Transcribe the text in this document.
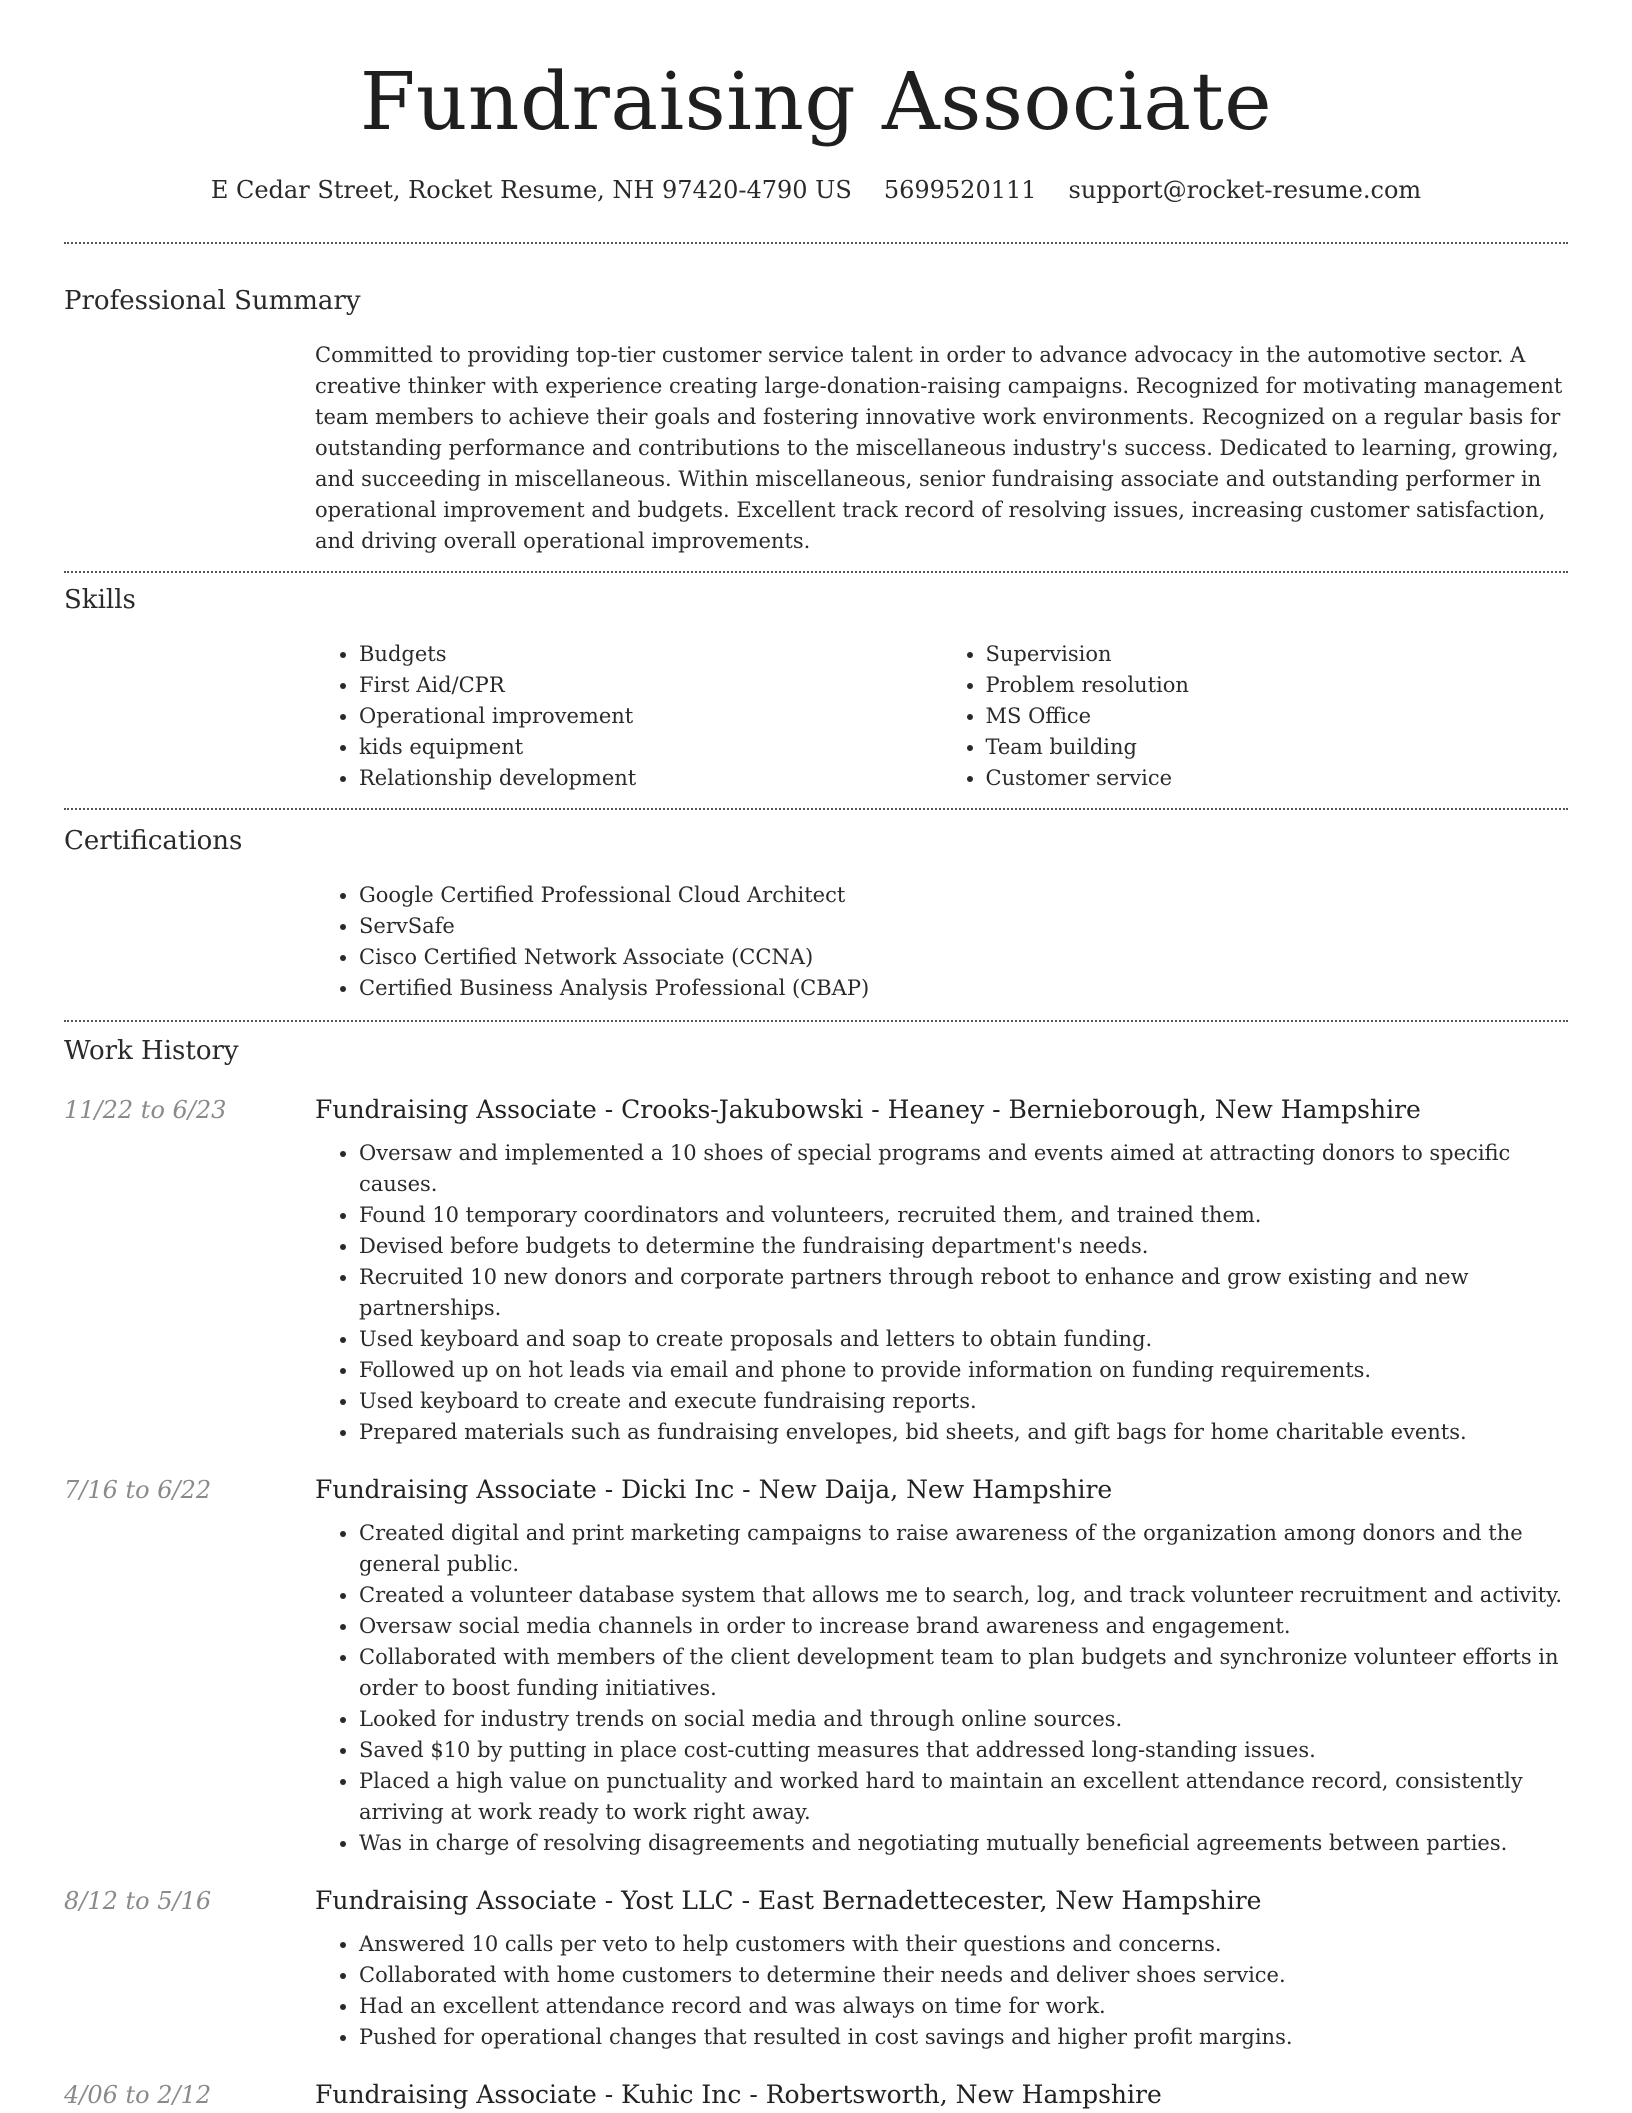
Fundraising Associate
E Cedar Street, Rocket Resume, NH 97420-4790 US 5699520111 support@rocket-resume.com
Professional Summary

Committed to providing top-tier customer service talent in order to advance advocacy in the automotive sector. A creative thinker with experience creating large-donation-raising campaigns. Recognized for motivating management team members to achieve their goals and fostering innovative work environments. Recognized on a regular basis for outstanding performance and contributions to the miscellaneous industry's success. Dedicated to learning, growing, and succeeding in miscellaneous. Within miscellaneous, senior fundraising associate and outstanding performer in operational improvement and budgets. Excellent track record of resolving issues, increasing customer satisfaction, and driving overall operational improvements.

Skills
• Budgets
• First Aid/CPR
• Operational improvement
• kids equipment
• Relationship development
• Supervision
• Problem resolution
• MS Office
• Team building
• Customer service
Certifications
• Google Certified Professional Cloud Architect
• ServSafe
• Cisco Certified Network Associate (CCNA)
• Certified Business Analysis Professional (CBAP)
Work History
11/22 to 6/23	Fundraising Associate - Crooks-Jakubowski - Heaney - Bernieborough, New Hampshire
• Oversaw and implemented a 10 shoes of special programs and events aimed at attracting donors to specific causes.
• Found 10 temporary coordinators and volunteers, recruited them, and trained them.
• Devised before budgets to determine the fundraising department's needs.
• Recruited 10 new donors and corporate partners through reboot to enhance and grow existing and new partnerships.
• Used keyboard and soap to create proposals and letters to obtain funding.
• Followed up on hot leads via email and phone to provide information on funding requirements.
• Used keyboard to create and execute fundraising reports.
• Prepared materials such as fundraising envelopes, bid sheets, and gift bags for home charitable events.
7/16 to 6/22	Fundraising Associate - Dicki Inc - New Daija, New Hampshire
• Created digital and print marketing campaigns to raise awareness of the organization among donors and the general public.
• Created a volunteer database system that allows me to search, log, and track volunteer recruitment and activity.
• Oversaw social media channels in order to increase brand awareness and engagement.
• Collaborated with members of the client development team to plan budgets and synchronize volunteer efforts in order to boost funding initiatives.
• Looked for industry trends on social media and through online sources.
• Saved $10 by putting in place cost-cutting measures that addressed long-standing issues.
• Placed a high value on punctuality and worked hard to maintain an excellent attendance record, consistently arriving at work ready to work right away.
• Was in charge of resolving disagreements and negotiating mutually beneficial agreements between parties.
8/12 to 5/16	Fundraising Associate - Yost LLC - East Bernadettecester, New Hampshire
• Answered 10 calls per veto to help customers with their questions and concerns.
• Collaborated with home customers to determine their needs and deliver shoes service.
• Had an excellent attendance record and was always on time for work.
• Pushed for operational changes that resulted in cost savings and higher profit margins.
4/06 to 2/12	Fundraising Associate - Kuhic Inc - Robertsworth, New Hampshire
